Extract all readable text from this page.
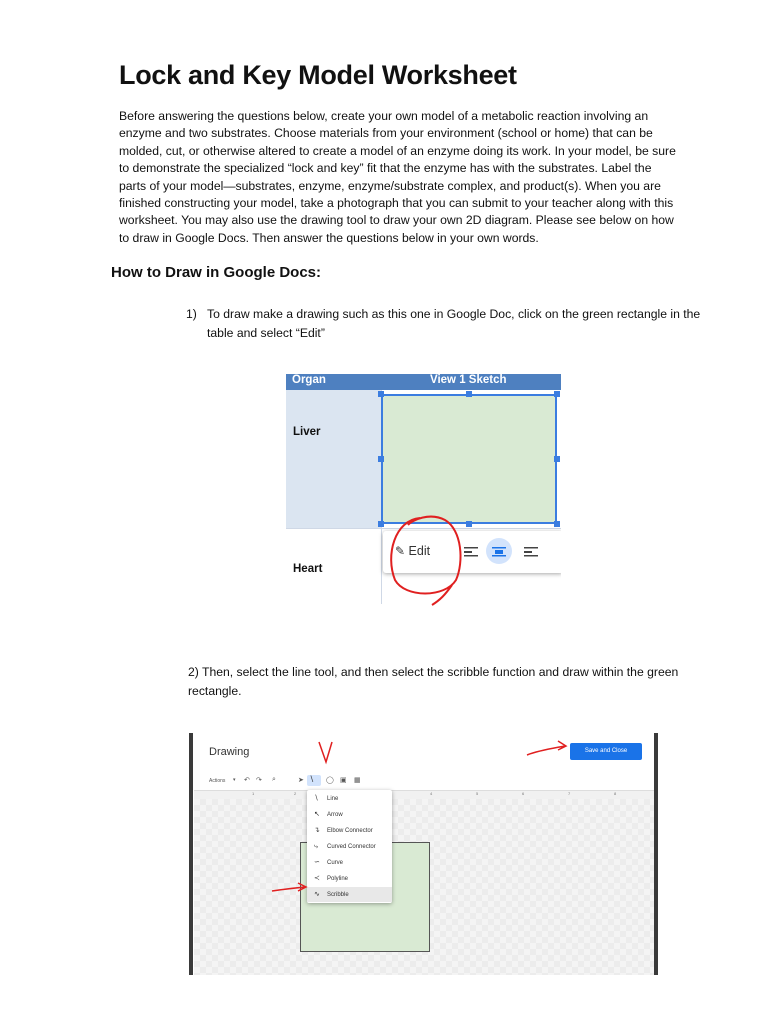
Lock and Key Model Worksheet
Before answering the questions below, create your own model of a metabolic reaction involving an enzyme and two substrates. Choose materials from your environment (school or home) that can be molded, cut, or otherwise altered to create a model of an enzyme doing its work. In your model, be sure to demonstrate the specialized “lock and key” fit that the enzyme has with the substrates. Label the parts of your model—substrates, enzyme, enzyme/substrate complex, and product(s). When you are finished constructing your model, take a photograph that you can submit to your teacher along with this worksheet. You may also use the drawing tool to draw your own 2D diagram. Please see below on how to draw in Google Docs. Then answer the questions below in your own words.
How to Draw in Google Docs:
1) To draw make a drawing such as this one in Google Doc, click on the green rectangle in the table and select “Edit”
Organ	View 1 Sketch
Liver
Heart
✎ Edit
2) Then, select the line tool, and then select the scribble function and draw within the green rectangle.
Drawing	Save and Close
Actions ▾ ↶ ↷ ⌕	➤ ∖ ◯ ▣ ▦
1	2	4	5	6	7	8
∖ Line
↖ Arrow
↴ Elbow Connector
⤷ Curved Connector
∽ Curve
≺ Polyline
∿ Scribble
